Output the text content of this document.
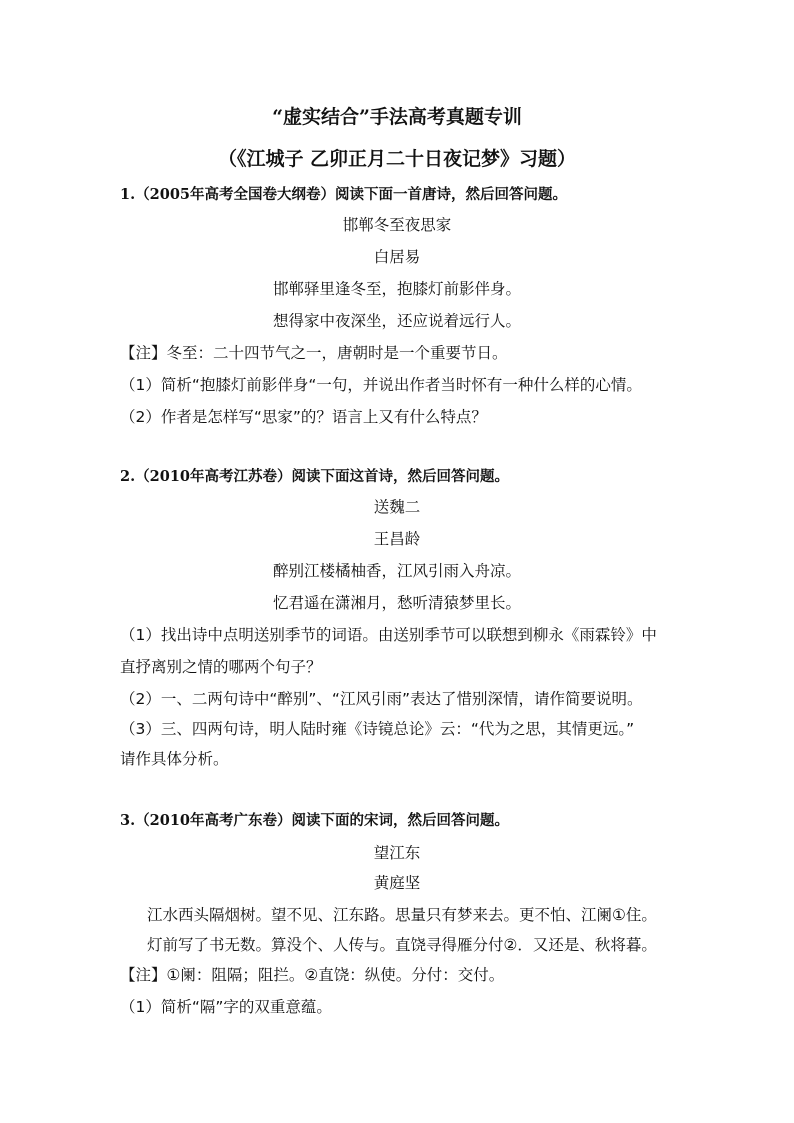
“虚实结合”手法高考真题专训
（《江城子 乙卯正月二十日夜记梦》习题）
1.（2005年高考全国卷大纲卷）阅读下面一首唐诗，然后回答问题。
邯郸冬至夜思家
白居易
邯郸驿里逢冬至，抱膝灯前影伴身。
想得家中夜深坐，还应说着远行人。
【注】冬至：二十四节气之一，唐朝时是一个重要节日。
（1）简析“抱膝灯前影伴身“一句，并说出作者当时怀有一种什么样的心情。
（2）作者是怎样写“思家”的？语言上又有什么特点？
2.（2010年高考江苏卷）阅读下面这首诗，然后回答问题。
送魏二
王昌龄
醉别江楼橘柚香，江风引雨入舟凉。
忆君遥在潇湘月，愁听清猿梦里长。
（1）找出诗中点明送别季节的词语。由送别季节可以联想到柳永《雨霖铃》中
直抒离别之情的哪两个句子？
（2）一、二两句诗中“醉别”、“江风引雨”表达了惜别深情，请作简要说明。
（3）三、四两句诗，明人陆时雍《诗镜总论》云：“代为之思，其情更远。”
请作具体分析。
3.（2010年高考广东卷）阅读下面的宋词，然后回答问题。
望江东
黄庭坚
江水西头隔烟树。望不见、江东路。思量只有梦来去。更不怕、江阑①住。
灯前写了书无数。算没个、人传与。直饶寻得雁分付②．又还是、秋将暮。
【注】①阑：阻隔；阻拦。②直饶：纵使。分付：交付。
（1）简析“隔”字的双重意蕴。
